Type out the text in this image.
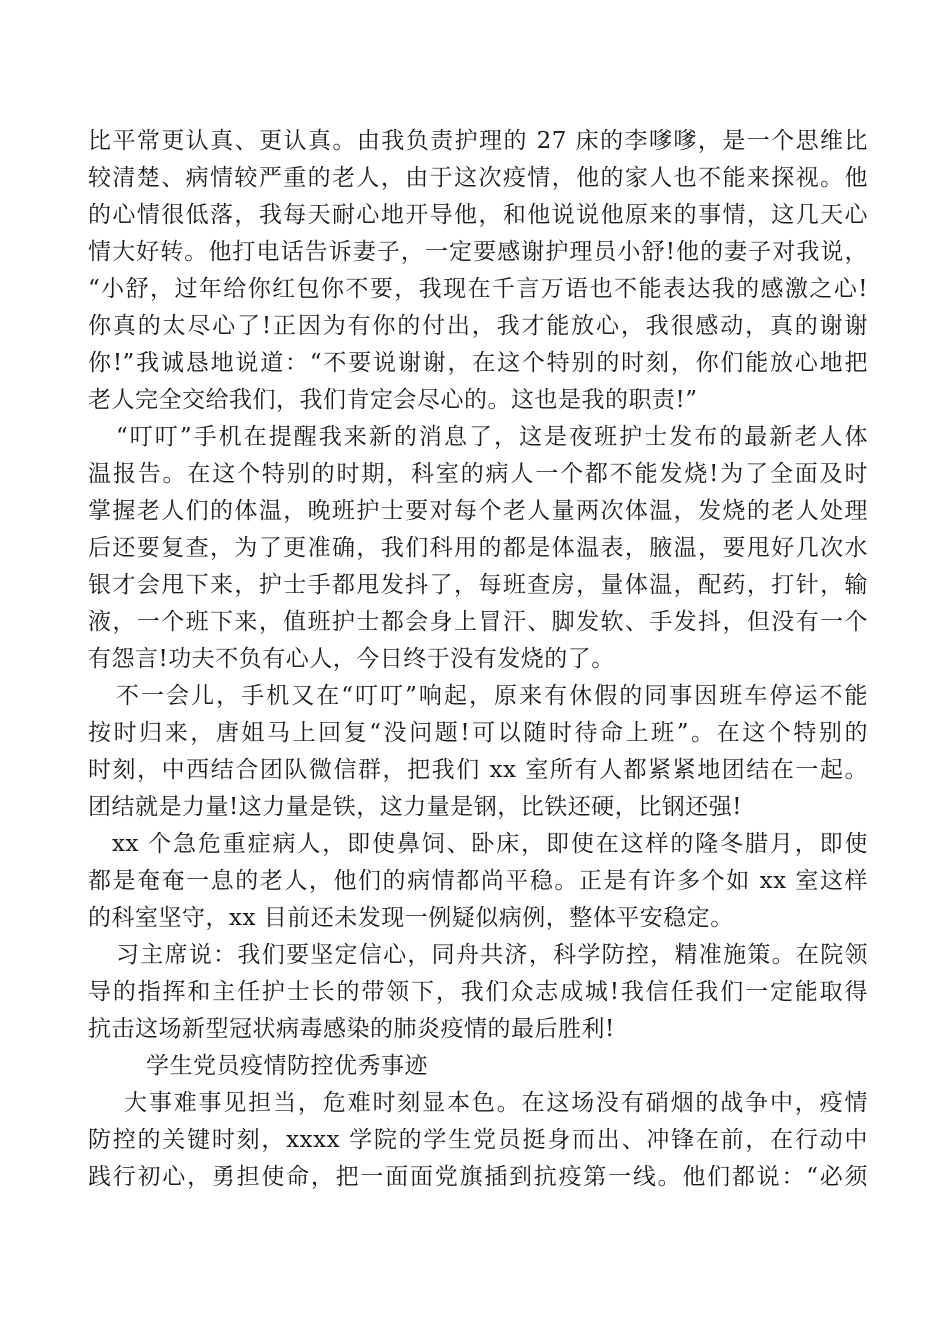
比平常更认真、更认真。由我负责护理的 27 床的李嗲嗲，是一个思维比
较清楚、病情较严重的老人，由于这次疫情，他的家人也不能来探视。他
的心情很低落，我每天耐心地开导他，和他说说他原来的事情，这几天心
情大好转。他打电话告诉妻子，一定要感谢护理员小舒!他的妻子对我说，
“小舒，过年给你红包你不要，我现在千言万语也不能表达我的感激之心!
你真的太尽心了!正因为有你的付出，我才能放心，我很感动，真的谢谢
你!”我诚恳地说道：“不要说谢谢，在这个特别的时刻，你们能放心地把
老人完全交给我们，我们肯定会尽心的。这也是我的职责!”
“叮叮”手机在提醒我来新的消息了，这是夜班护士发布的最新老人体
温报告。在这个特别的时期，科室的病人一个都不能发烧!为了全面及时
掌握老人们的体温，晚班护士要对每个老人量两次体温，发烧的老人处理
后还要复查，为了更准确，我们科用的都是体温表，腋温，要甩好几次水
银才会甩下来，护士手都甩发抖了，每班查房，量体温，配药，打针，输
液，一个班下来，值班护士都会身上冒汗、脚发软、手发抖，但没有一个
有怨言!功夫不负有心人，今日终于没有发烧的了。
不一会儿，手机又在“叮叮”响起，原来有休假的同事因班车停运不能
按时归来，唐姐马上回复“没问题!可以随时待命上班”。在这个特别的
时刻，中西结合团队微信群，把我们 xx 室所有人都紧紧地团结在一起。
团结就是力量!这力量是铁，这力量是钢，比铁还硬，比钢还强!
xx 个急危重症病人，即使鼻饲、卧床，即使在这样的隆冬腊月，即使
都是奄奄一息的老人，他们的病情都尚平稳。正是有许多个如 xx 室这样
的科室坚守，xx 目前还未发现一例疑似病例，整体平安稳定。
习主席说：我们要坚定信心，同舟共济，科学防控，精准施策。在院领
导的指挥和主任护士长的带领下，我们众志成城!我信任我们一定能取得
抗击这场新型冠状病毒感染的肺炎疫情的最后胜利!
学生党员疫情防控优秀事迹
大事难事见担当，危难时刻显本色。在这场没有硝烟的战争中，疫情
防控的关键时刻，xxxx 学院的学生党员挺身而出、冲锋在前，在行动中
践行初心，勇担使命，把一面面党旗插到抗疫第一线。他们都说：“必须
